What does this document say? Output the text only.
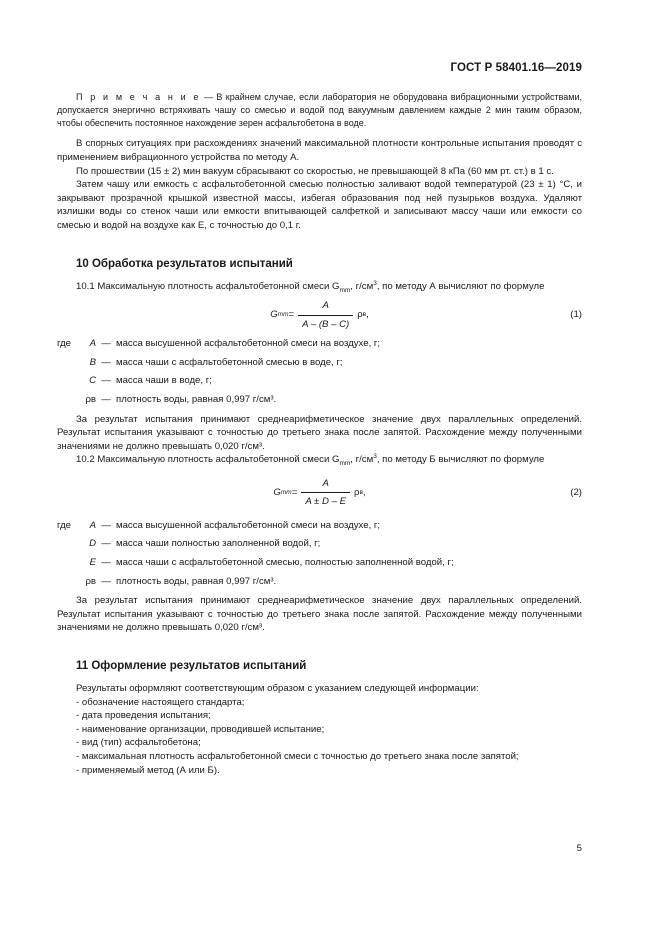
ГОСТ Р 58401.16—2019

П р и м е ч а н и е — В крайнем случае, если лаборатория не оборудована вибрационными устройствами, допускается энергично встряхивать чашу со смесью и водой под вакуумным давлением каждые 2 мин таким образом, чтобы обеспечить постоянное нахождение зерен асфальтобетона в воде.

В спорных ситуациях при расхождениях значений максимальной плотности контрольные испытания проводят с применением вибрационного устройства по методу А.

По прошествии (15 ± 2) мин вакуум сбрасывают со скоростью, не превышающей 8 кПа (60 мм рт. ст.) в 1 с.

Затем чашу или емкость с асфальтобетонной смесью полностью заливают водой температурой (23 ± 1) °С, и закрывают прозрачной крышкой известной массы, избегая образования под ней пузырьков воздуха. Удаляют излишки воды со стенок чаши или емкости впитывающей салфеткой и записывают массу чаши или емкости со смесью и водой на воздухе как Е, с точностью до 0,1 г.

10 Обработка результатов испытаний

10.1 Максимальную плотность асфальтобетонной смеси $G_{mm}$, $г/см^3$, по методу А вычисляют по формуле

G mm = $\frac{A}{A - (B - C)}$ ρ в ,	(1)
где	A — масса высушенной асфальтобетонной смеси на воздухе, г;
B — масса чаши с асфальтобетонной смесью в воде, г;
C — масса чаши в воде, г;
ρв — плотность воды, равная 0,997 г/см³.

За результат испытания принимают среднеарифметическое значение двух параллельных определений. Результат испытания указывают с точностью до третьего знака после запятой. Расхождение между полученными значениями не должно превышать 0,020 г/см³.

10.2 Максимальную плотность асфальтобетонной смеси $G_{mm}$, $г/см^3$, по методу Б вычисляют по формуле

G mm = $\frac{A}{A \pm D - E}$ ρ в ,	(2)
где	A — масса высушенной асфальтобетонной смеси на воздухе, г;
D — масса чаши полностью заполненной водой, г;
E — масса чаши с асфальтобетонной смесью, полностью заполненной водой, г;
ρв — плотность воды, равная 0,997 г/см³.

За результат испытания принимают среднеарифметическое значение двух параллельных определений. Результат испытания указывают с точностью до третьего знака после запятой. Расхождение между полученными значениями не должно превышать 0,020 г/см³.

11 Оформление результатов испытаний

Результаты оформляют соответствующим образом с указанием следующей информации:

- обозначение настоящего стандарта;

- дата проведения испытания;

- наименование организации, проводившей испытание;

- вид (тип) асфальтобетона;

- максимальная плотность асфальтобетонной смеси с точностью до третьего знака после запятой;

- применяемый метод (А или Б).

5
